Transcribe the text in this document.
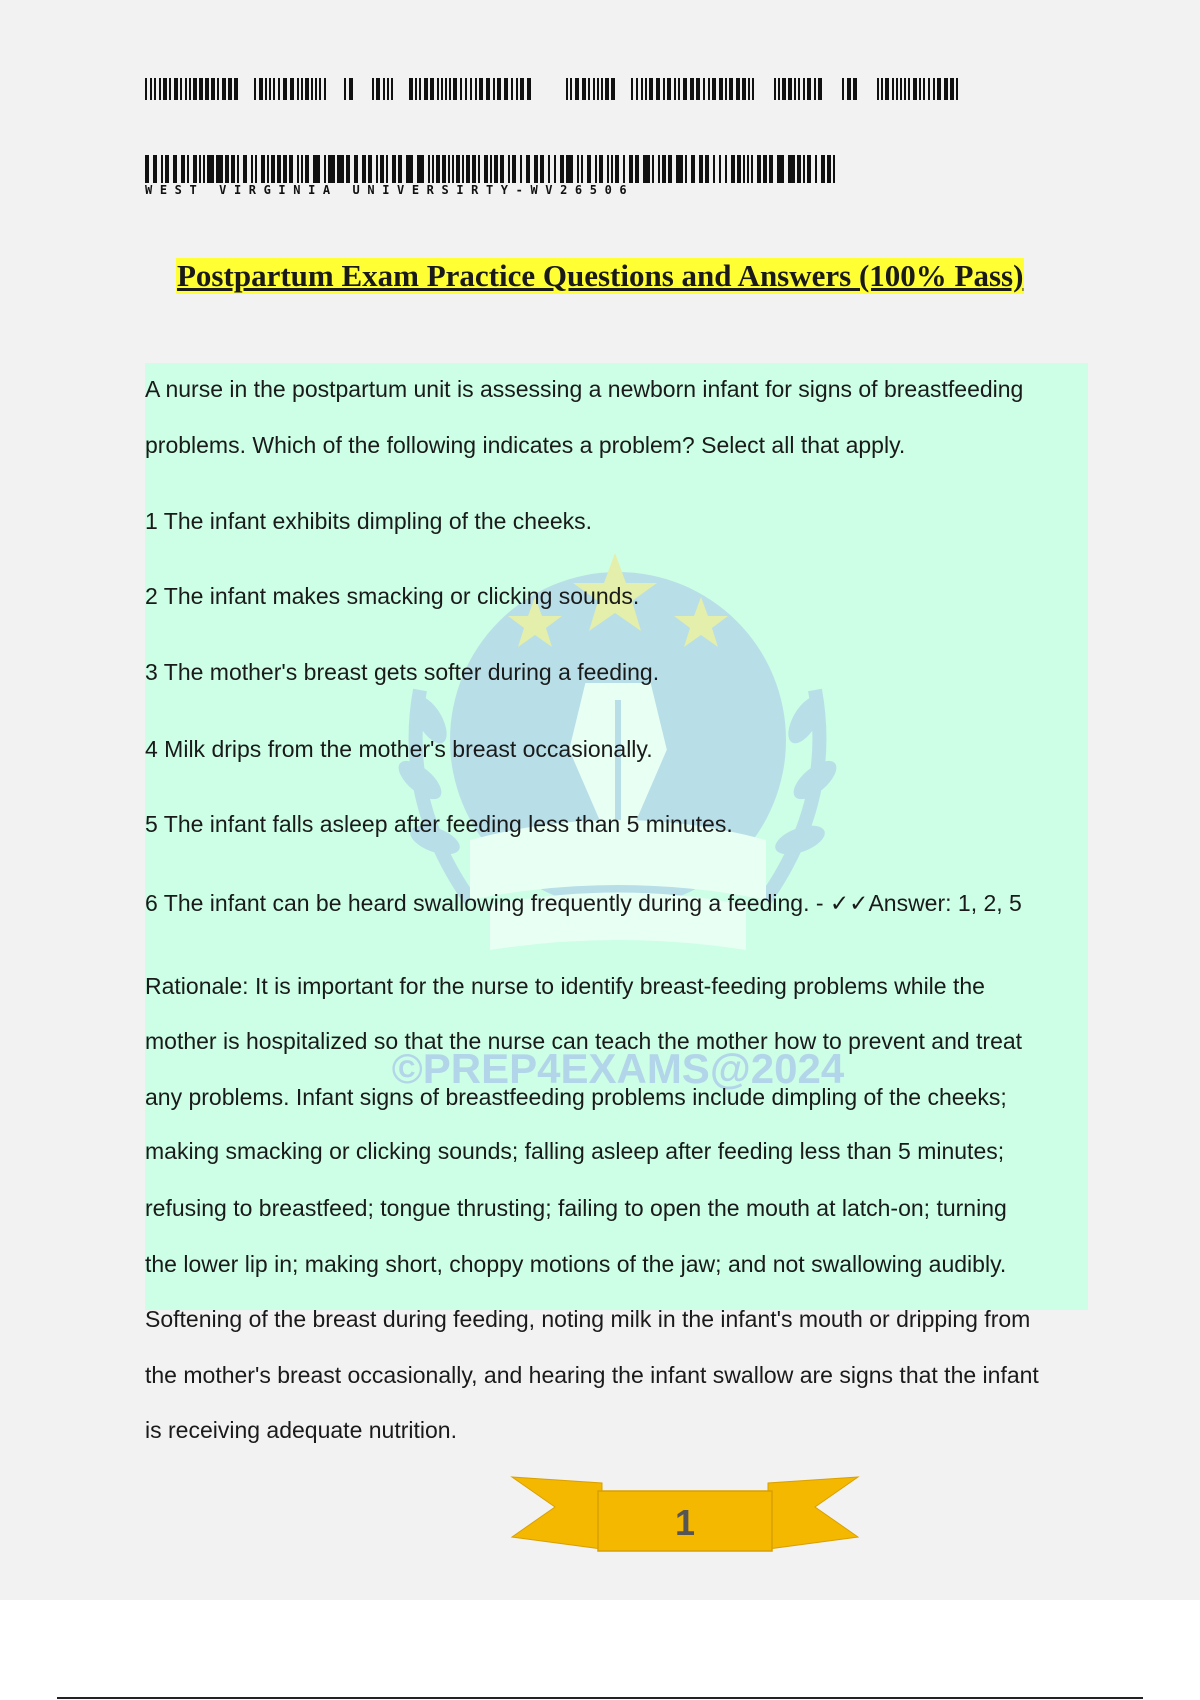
WEST VIRGINIA UNIVERSIRTY-WV26506
Postpartum Exam Practice Questions and Answers (100% Pass)
©PREP4EXAMS@2024
A nurse in the postpartum unit is assessing a newborn infant for signs of breastfeeding
problems. Which of the following indicates a problem? Select all that apply.
1 The infant exhibits dimpling of the cheeks.
2 The infant makes smacking or clicking sounds.
3 The mother's breast gets softer during a feeding.
4 Milk drips from the mother's breast occasionally.
5 The infant falls asleep after feeding less than 5 minutes.
6 The infant can be heard swallowing frequently during a feeding. - ✓✓Answer: 1, 2, 5
Rationale: It is important for the nurse to identify breast-feeding problems while the
mother is hospitalized so that the nurse can teach the mother how to prevent and treat
any problems. Infant signs of breastfeeding problems include dimpling of the cheeks;
making smacking or clicking sounds; falling asleep after feeding less than 5 minutes;
refusing to breastfeed; tongue thrusting; failing to open the mouth at latch-on; turning
the lower lip in; making short, choppy motions of the jaw; and not swallowing audibly.
Softening of the breast during feeding, noting milk in the infant's mouth or dripping from
the mother's breast occasionally, and hearing the infant swallow are signs that the infant
is receiving adequate nutrition.
1
